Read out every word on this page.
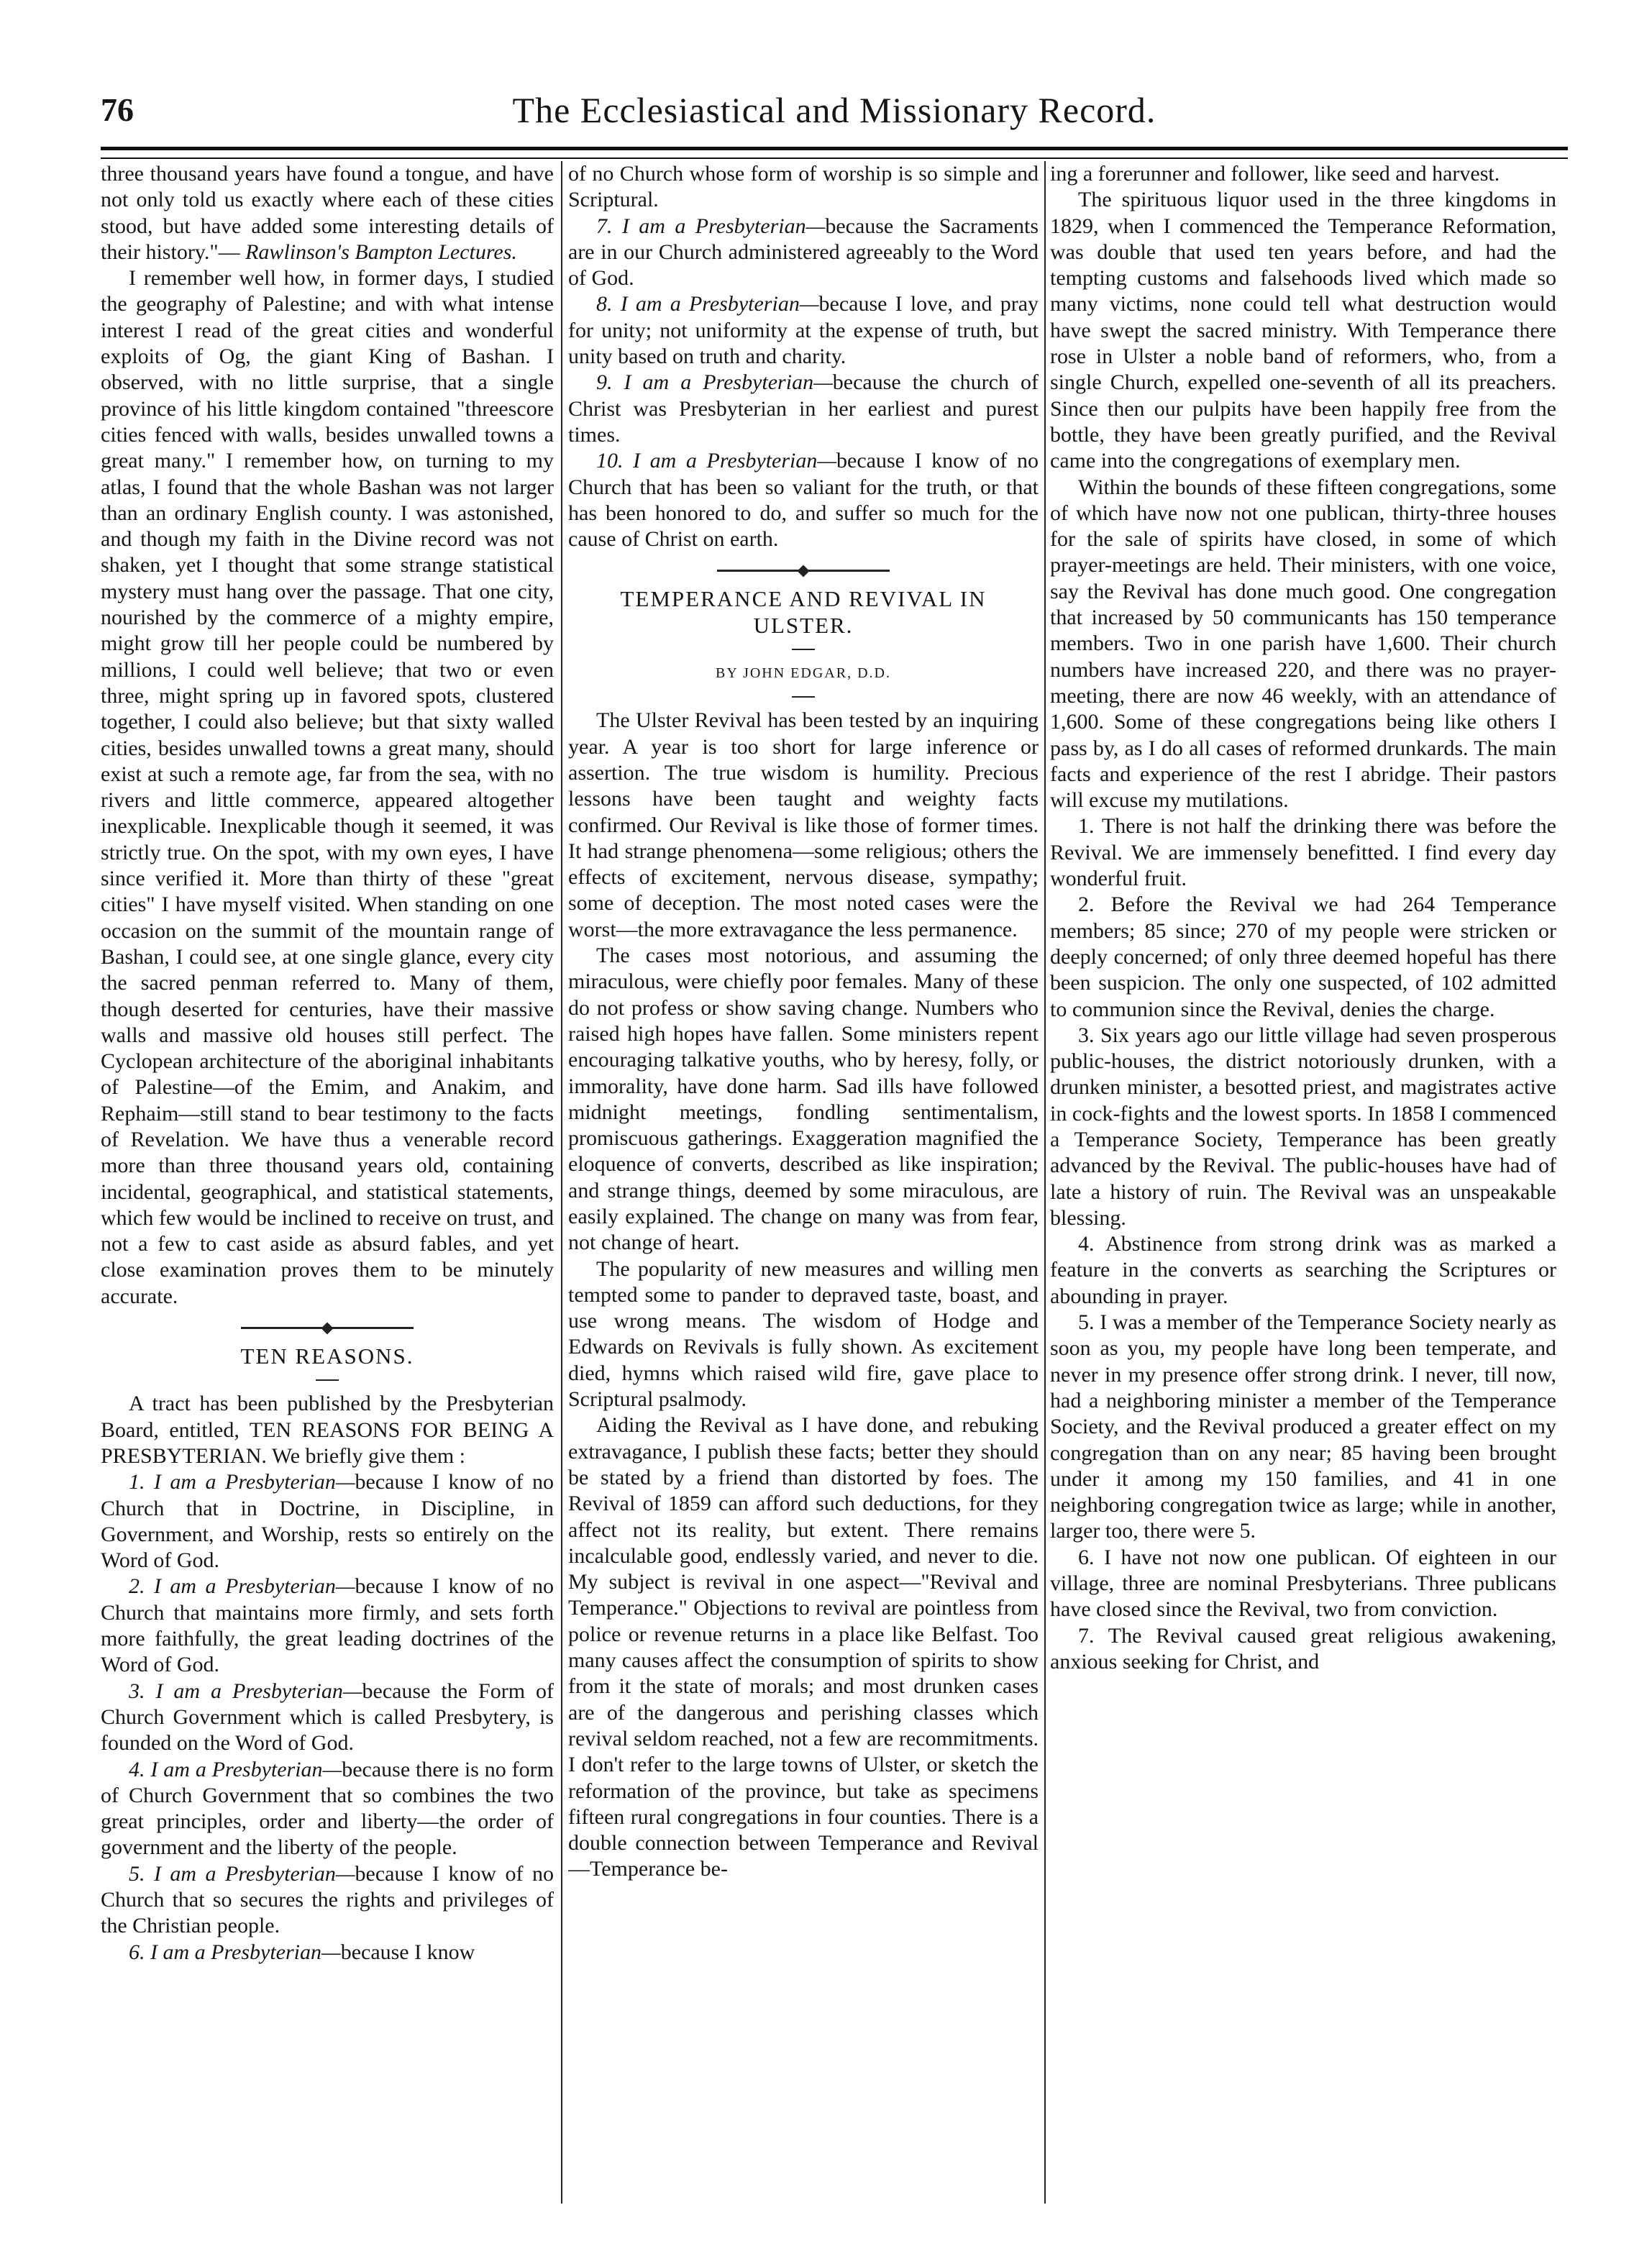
76	The Ecclesiastical and Missionary Record.

three thousand years have found a tongue, and have not only told us exactly where each of these cities stood, but have added some interesting details of their history."— Rawlinson's Bampton Lectures.

I remember well how, in former days, I studied the geography of Palestine; and with what intense interest I read of the great cities and wonderful exploits of Og, the giant King of Bashan. I observed, with no little surprise, that a single province of his little kingdom contained "threescore cities fenced with walls, besides unwalled towns a great many." I remember how, on turning to my atlas, I found that the whole Bashan was not larger than an ordinary English county. I was astonished, and though my faith in the Divine record was not shaken, yet I thought that some strange statistical mystery must hang over the passage. That one city, nourished by the commerce of a mighty empire, might grow till her people could be numbered by millions, I could well believe; that two or even three, might spring up in favored spots, clustered together, I could also believe; but that sixty walled cities, besides unwalled towns a great many, should exist at such a remote age, far from the sea, with no rivers and little commerce, appeared altogether inexplicable. Inexplicable though it seemed, it was strictly true. On the spot, with my own eyes, I have since verified it. More than thirty of these "great cities" I have myself visited. When standing on one occasion on the summit of the mountain range of Bashan, I could see, at one single glance, every city the sacred penman referred to. Many of them, though deserted for centuries, have their massive walls and massive old houses still perfect. The Cyclopean architecture of the aboriginal inhabitants of Palestine—of the Emim, and Anakim, and Rephaim—still stand to bear testimony to the facts of Revelation. We have thus a venerable record more than three thousand years old, containing incidental, geographical, and statistical statements, which few would be inclined to receive on trust, and not a few to cast aside as absurd fables, and yet close examination proves them to be minutely accurate.

TEN REASONS.

A tract has been published by the Presbyterian Board, entitled, TEN REASONS FOR BEING A PRESBYTERIAN. We briefly give them :

1. I am a Presbyterian—because I know of no Church that in Doctrine, in Discipline, in Government, and Worship, rests so entirely on the Word of God.

2. I am a Presbyterian—because I know of no Church that maintains more firmly, and sets forth more faithfully, the great leading doctrines of the Word of God.

3. I am a Presbyterian—because the Form of Church Government which is called Presbytery, is founded on the Word of God.

4. I am a Presbyterian—because there is no form of Church Government that so combines the two great principles, order and liberty—the order of government and the liberty of the people.

5. I am a Presbyterian—because I know of no Church that so secures the rights and privileges of the Christian people.

6. I am a Presbyterian—because I know

of no Church whose form of worship is so simple and Scriptural.

7. I am a Presbyterian—because the Sacraments are in our Church administered agreeably to the Word of God.

8. I am a Presbyterian—because I love, and pray for unity; not uniformity at the expense of truth, but unity based on truth and charity.

9. I am a Presbyterian—because the church of Christ was Presbyterian in her earliest and purest times.

10. I am a Presbyterian—because I know of no Church that has been so valiant for the truth, or that has been honored to do, and suffer so much for the cause of Christ on earth.

TEMPERANCE AND REVIVAL IN ULSTER.
BY JOHN EDGAR, D.D.

The Ulster Revival has been tested by an inquiring year. A year is too short for large inference or assertion. The true wisdom is humility. Precious lessons have been taught and weighty facts confirmed. Our Revival is like those of former times. It had strange phenomena—some religious; others the effects of excitement, nervous disease, sympathy; some of deception. The most noted cases were the worst—the more extravagance the less permanence.

The cases most notorious, and assuming the miraculous, were chiefly poor females. Many of these do not profess or show saving change. Numbers who raised high hopes have fallen. Some ministers repent encouraging talkative youths, who by heresy, folly, or immorality, have done harm. Sad ills have followed midnight meetings, fondling sentimentalism, promiscuous gatherings. Exaggeration magnified the eloquence of converts, described as like inspiration; and strange things, deemed by some miraculous, are easily explained. The change on many was from fear, not change of heart.

The popularity of new measures and willing men tempted some to pander to depraved taste, boast, and use wrong means. The wisdom of Hodge and Edwards on Revivals is fully shown. As excitement died, hymns which raised wild fire, gave place to Scriptural psalmody.

Aiding the Revival as I have done, and rebuking extravagance, I publish these facts; better they should be stated by a friend than distorted by foes. The Revival of 1859 can afford such deductions, for they affect not its reality, but extent. There remains incalculable good, endlessly varied, and never to die. My subject is revival in one aspect—"Revival and Temperance." Objections to revival are pointless from police or revenue returns in a place like Belfast. Too many causes affect the consumption of spirits to show from it the state of morals; and most drunken cases are of the dangerous and perishing classes which revival seldom reached, not a few are recommitments. I don't refer to the large towns of Ulster, or sketch the reformation of the province, but take as specimens fifteen rural congregations in four counties. There is a double connection between Temperance and Revival—Temperance be-

ing a forerunner and follower, like seed and harvest.

The spirituous liquor used in the three kingdoms in 1829, when I commenced the Temperance Reformation, was double that used ten years before, and had the tempting customs and falsehoods lived which made so many victims, none could tell what destruction would have swept the sacred ministry. With Temperance there rose in Ulster a noble band of reformers, who, from a single Church, expelled one-seventh of all its preachers. Since then our pulpits have been happily free from the bottle, they have been greatly purified, and the Revival came into the congregations of exemplary men.

Within the bounds of these fifteen congregations, some of which have now not one publican, thirty-three houses for the sale of spirits have closed, in some of which prayer-meetings are held. Their ministers, with one voice, say the Revival has done much good. One congregation that increased by 50 communicants has 150 temperance members. Two in one parish have 1,600. Their church numbers have increased 220, and there was no prayer-meeting, there are now 46 weekly, with an attendance of 1,600. Some of these congregations being like others I pass by, as I do all cases of reformed drunkards. The main facts and experience of the rest I abridge. Their pastors will excuse my mutilations.

1. There is not half the drinking there was before the Revival. We are immensely benefitted. I find every day wonderful fruit.

2. Before the Revival we had 264 Temperance members; 85 since; 270 of my people were stricken or deeply concerned; of only three deemed hopeful has there been suspicion. The only one suspected, of 102 admitted to communion since the Revival, denies the charge.

3. Six years ago our little village had seven prosperous public-houses, the district notoriously drunken, with a drunken minister, a besotted priest, and magistrates active in cock-fights and the lowest sports. In 1858 I commenced a Temperance Society, Temperance has been greatly advanced by the Revival. The public-houses have had of late a history of ruin. The Revival was an unspeakable blessing.

4. Abstinence from strong drink was as marked a feature in the converts as searching the Scriptures or abounding in prayer.

5. I was a member of the Temperance Society nearly as soon as you, my people have long been temperate, and never in my presence offer strong drink. I never, till now, had a neighboring minister a member of the Temperance Society, and the Revival produced a greater effect on my congregation than on any near; 85 having been brought under it among my 150 families, and 41 in one neighboring congregation twice as large; while in another, larger too, there were 5.

6. I have not now one publican. Of eighteen in our village, three are nominal Presbyterians. Three publicans have closed since the Revival, two from conviction.

7. The Revival caused great religious awakening, anxious seeking for Christ, and
